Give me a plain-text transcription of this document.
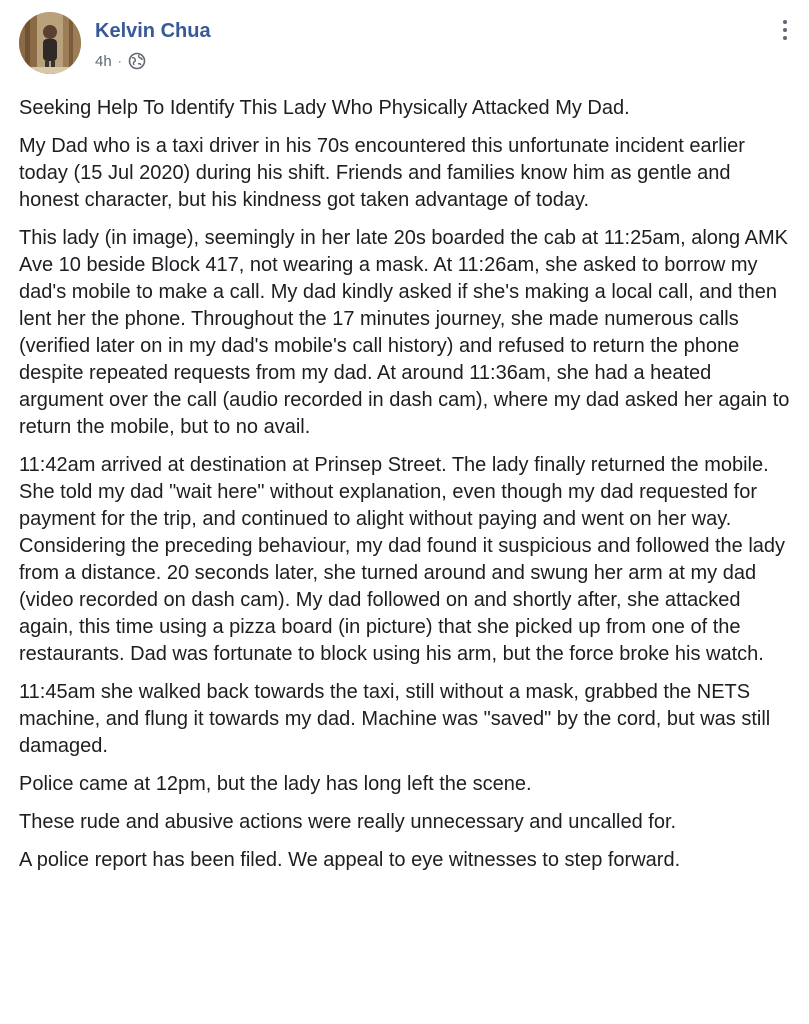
Kelvin Chua
4h ·

Seeking Help To Identify This Lady Who Physically Attacked My Dad.

My Dad who is a taxi driver in his 70s encountered this unfortunate incident earlier today (15 Jul 2020) during his shift. Friends and families know him as gentle and honest character, but his kindness got taken advantage of today.

This lady (in image), seemingly in her late 20s boarded the cab at 11:25am, along AMK Ave 10 beside Block 417, not wearing a mask. At 11:26am, she asked to borrow my dad's mobile to make a call. My dad kindly asked if she's making a local call, and then lent her the phone. Throughout the 17 minutes journey, she made numerous calls (verified later on in my dad's mobile's call history) and refused to return the phone despite repeated requests from my dad. At around 11:36am, she had a heated argument over the call (audio recorded in dash cam), where my dad asked her again to return the mobile, but to no avail.

11:42am arrived at destination at Prinsep Street. The lady finally returned the mobile. She told my dad "wait here" without explanation, even though my dad requested for payment for the trip, and continued to alight without paying and went on her way. Considering the preceding behaviour, my dad found it suspicious and followed the lady from a distance. 20 seconds later, she turned around and swung her arm at my dad (video recorded on dash cam). My dad followed on and shortly after, she attacked again, this time using a pizza board (in picture) that she picked up from one of the restaurants. Dad was fortunate to block using his arm, but the force broke his watch.

11:45am she walked back towards the taxi, still without a mask, grabbed the NETS machine, and flung it towards my dad. Machine was "saved" by the cord, but was still damaged.

Police came at 12pm, but the lady has long left the scene.

These rude and abusive actions were really unnecessary and uncalled for.

A police report has been filed. We appeal to eye witnesses to step forward.
